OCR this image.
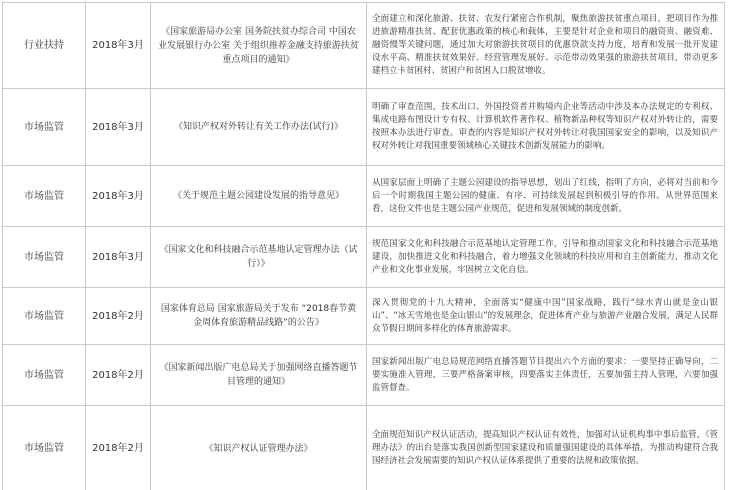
行业扶持	2018年3月	《国家旅游局办公室 国务院扶贫办综合司 中国农业发展银行办公室 关于组织推荐金融支持旅游扶贫重点项目的通知》	全面建立和深化旅游、扶贫、农发行紧密合作机制，聚焦旅游扶贫重点项目，把项目作为推进旅游精准扶贫、配套优惠政策的核心和载体，主要是针对企业和项目的融资贵、融资难、融资慢等关键问题，通过加大对旅游扶贫项目的优惠贷款支持力度，培育和发展一批开发建设水平高、精准扶贫效果好、经营管理发展好、示范带动效果强的旅游扶贫项目，带动更多建档立卡贫困村、贫困户和贫困人口脱贫增收。

市场监管	2018年3月	《知识产权对外转让有关工作办法(试行)》	明确了审查范围，技术出口、外国投资者并购境内企业等活动中涉及本办法规定的专利权、集成电路布图设计专有权、计算机软件著作权、植物新品种权等知识产权对外转让的，需要按照本办法进行审查。审查的内容是知识产权对外转让对我国国家安全的影响，以及知识产权对外转让对我国重要领域核心关键技术创新发展能力的影响。

市场监管	2018年3月	《关于规范主题公园建设发展的指导意见》	从国家层面上明确了主题公园建设的指导思想，划出了红线，指明了方向，必将对当前和今后一个时期我国主题公园的健康、有序、可持续发展起到积极引导的作用。从世界范围来看，这份文件也是主题公园产业规范，促进和发展领域的制度创新。

市场监管	2018年3月	《国家文化和科技融合示范基地认定管理办法（试行）》	规范国家文化和科技融合示范基地认定管理工作，引导和推动国家文化和科技融合示范基地建设，加快推进文化和科技融合，着力增强文化领域的科技应用和自主创新能力，推动文化产业和文化事业发展，牢固树立文化自信。

市场监管	2018年2月	国家体育总局 国家旅游局关于发布 “2018春节黄金周体育旅游精品线路”的公告》	深入贯彻党的十九大精神，全面落实“健康中国”国家战略，践行“绿水青山就是金山银山”、“冰天雪地也是金山银山”的发展理念，促进体育产业与旅游产业融合发展，满足人民群众节假日期间多样化的体育旅游需求。

市场监管	2018年2月	《国家新闻出版广电总局关于加强网络直播答题节目管理的通知》	国家新闻出版广电总局规范网络直播答题节目提出六个方面的要求：一要坚持正确导向，二要实施准入管理，三要严格备案审核，四要落实主体责任，五要加强主持人管理，六要加强监管督查。

市场监管	2018年2月	《知识产权认证管理办法》	全面规范知识产权认证活动，提高知识产权认证有效性，加强对认证机构事中事后监管，《管理办法》的出台是落实我国创新型国家建设和质量强国建设的具体举措，为推动构建符合我国经济社会发展需要的知识产权认证体系提供了重要的法规和政策依据。
